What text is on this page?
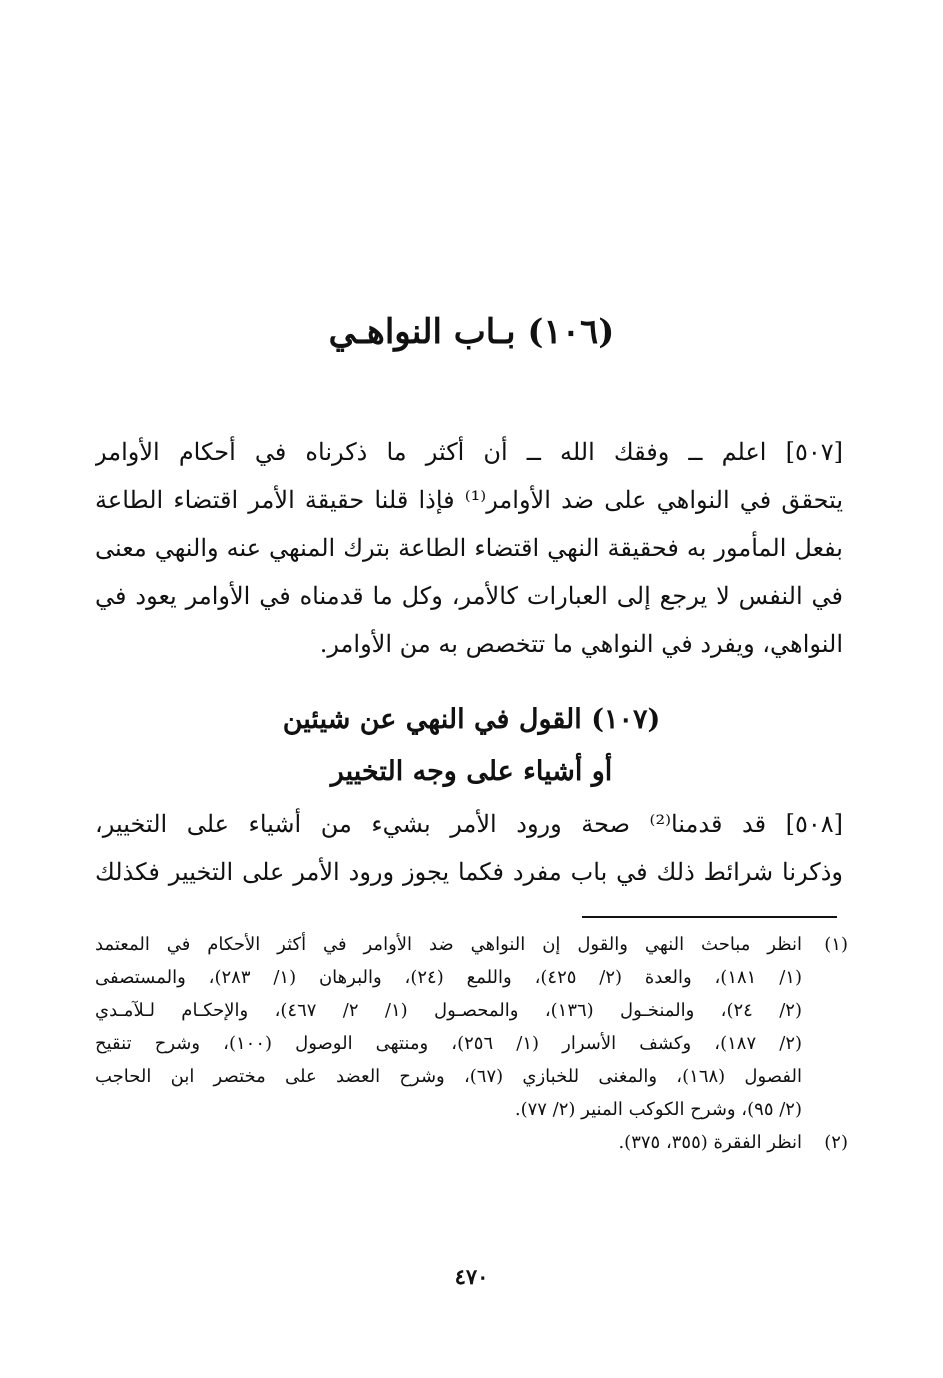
(١٠٦) بـاب النواهـي
[٥٠٧] اعلم ــ وفقك الله ــ أن أكثر ما ذكرناه في أحكام الأوامر
يتحقق في النواهي على ضد الأوامر⁽¹⁾ فإذا قلنا حقيقة الأمر اقتضاء الطاعة
بفعل المأمور به فحقيقة النهي اقتضاء الطاعة بترك المنهي عنه والنهي معنى
في النفس لا يرجع إلى العبارات كالأمر، وكل ما قدمناه في الأوامر يعود في
النواهي، ويفرد في النواهي ما تتخصص به من الأوامر.
(١٠٧) القول في النهي عن شيئين
أو أشياء على وجه التخيير
[٥٠٨] قد قدمنا⁽²⁾ صحة ورود الأمر بشيء من أشياء على التخيير،
وذكرنا شرائط ذلك في باب مفرد فكما يجوز ورود الأمر على التخيير فكذلك
(١)
انظر مباحث النهي والقول إن النواهي ضد الأوامر في أكثر الأحكام في المعتمد
(١/ ١٨١)، والعدة (٢/ ٤٢٥)، واللمع (٢٤)، والبرهان (١/ ٢٨٣)، والمستصفى
(٢/ ٢٤)، والمنخـول (١٣٦)، والمحصـول (١/ ٢/ ٤٦٧)، والإحكـام لـلآمـدي
(٢/ ١٨٧)، وكشف الأسرار (١/ ٢٥٦)، ومنتهى الوصول (١٠٠)، وشرح تنقيح
الفصول (١٦٨)، والمغنى للخبازي (٦٧)، وشرح العضد على مختصر ابن الحاجب
(٢/ ٩٥)، وشرح الكوكب المنير (٢/ ٧٧).
(٢)
انظر الفقرة (٣٥٥، ٣٧٥).
٤٧٠
